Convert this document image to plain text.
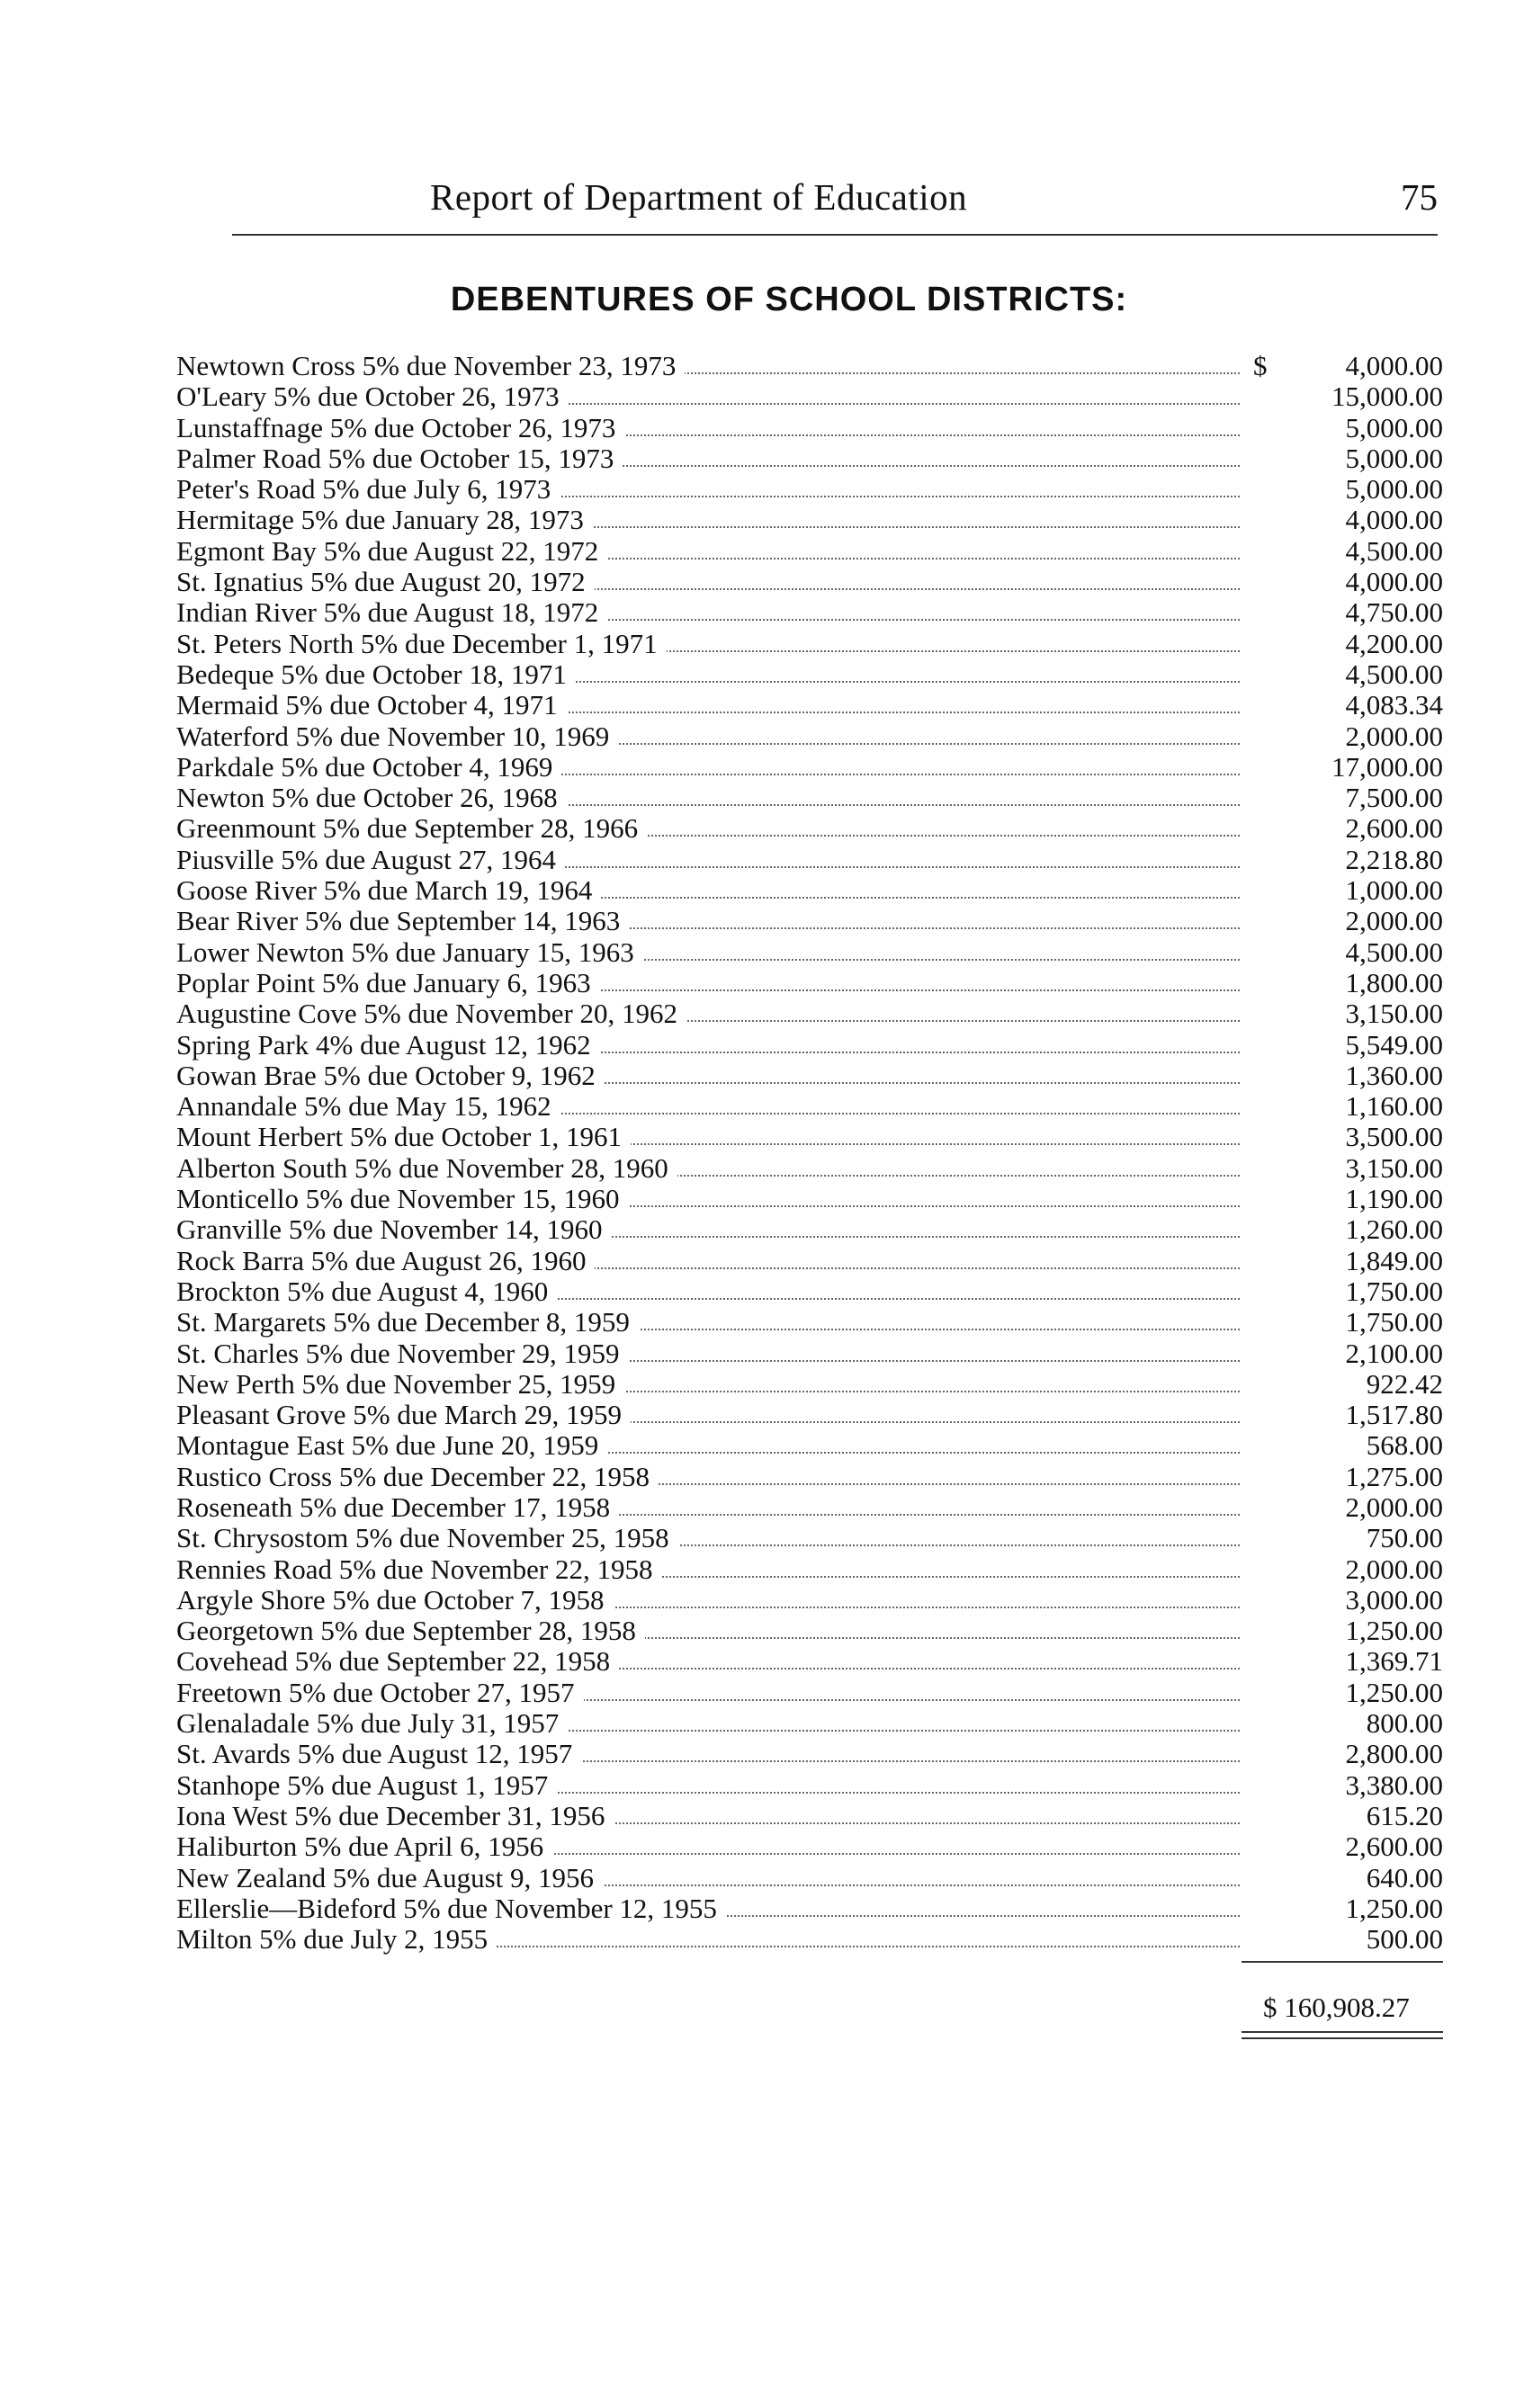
Report of Department of Education	75
DEBENTURES OF SCHOOL DISTRICTS:
Newtown Cross 5% due November 23, 1973	$	4,000.00
O'Leary 5% due October 26, 1973	15,000.00
Lunstaffnage 5% due October 26, 1973	5,000.00
Palmer Road 5% due October 15, 1973	5,000.00
Peter's Road 5% due July 6, 1973	5,000.00
Hermitage 5% due January 28, 1973	4,000.00
Egmont Bay 5% due August 22, 1972	4,500.00
St. Ignatius 5% due August 20, 1972	4,000.00
Indian River 5% due August 18, 1972	4,750.00
St. Peters North 5% due December 1, 1971	4,200.00
Bedeque 5% due October 18, 1971	4,500.00
Mermaid 5% due October 4, 1971	4,083.34
Waterford 5% due November 10, 1969	2,000.00
Parkdale 5% due October 4, 1969	17,000.00
Newton 5% due October 26, 1968	7,500.00
Greenmount 5% due September 28, 1966	2,600.00
Piusville 5% due August 27, 1964	2,218.80
Goose River 5% due March 19, 1964	1,000.00
Bear River 5% due September 14, 1963	2,000.00
Lower Newton 5% due January 15, 1963	4,500.00
Poplar Point 5% due January 6, 1963	1,800.00
Augustine Cove 5% due November 20, 1962	3,150.00
Spring Park 4% due August 12, 1962	5,549.00
Gowan Brae 5% due October 9, 1962	1,360.00
Annandale 5% due May 15, 1962	1,160.00
Mount Herbert 5% due October 1, 1961	3,500.00
Alberton South 5% due November 28, 1960	3,150.00
Monticello 5% due November 15, 1960	1,190.00
Granville 5% due November 14, 1960	1,260.00
Rock Barra 5% due August 26, 1960	1,849.00
Brockton 5% due August 4, 1960	1,750.00
St. Margarets 5% due December 8, 1959	1,750.00
St. Charles 5% due November 29, 1959	2,100.00
New Perth 5% due November 25, 1959	922.42
Pleasant Grove 5% due March 29, 1959	1,517.80
Montague East 5% due June 20, 1959	568.00
Rustico Cross 5% due December 22, 1958	1,275.00
Roseneath 5% due December 17, 1958	2,000.00
St. Chrysostom 5% due November 25, 1958	750.00
Rennies Road 5% due November 22, 1958	2,000.00
Argyle Shore 5% due October 7, 1958	3,000.00
Georgetown 5% due September 28, 1958	1,250.00
Covehead 5% due September 22, 1958	1,369.71
Freetown 5% due October 27, 1957	1,250.00
Glenaladale 5% due July 31, 1957	800.00
St. Avards 5% due August 12, 1957	2,800.00
Stanhope 5% due August 1, 1957	3,380.00
Iona West 5% due December 31, 1956	615.20
Haliburton 5% due April 6, 1956	2,600.00
New Zealand 5% due August 9, 1956	640.00
Ellerslie—Bideford 5% due November 12, 1955	1,250.00
Milton 5% due July 2, 1955	500.00
$ 160,908.27
